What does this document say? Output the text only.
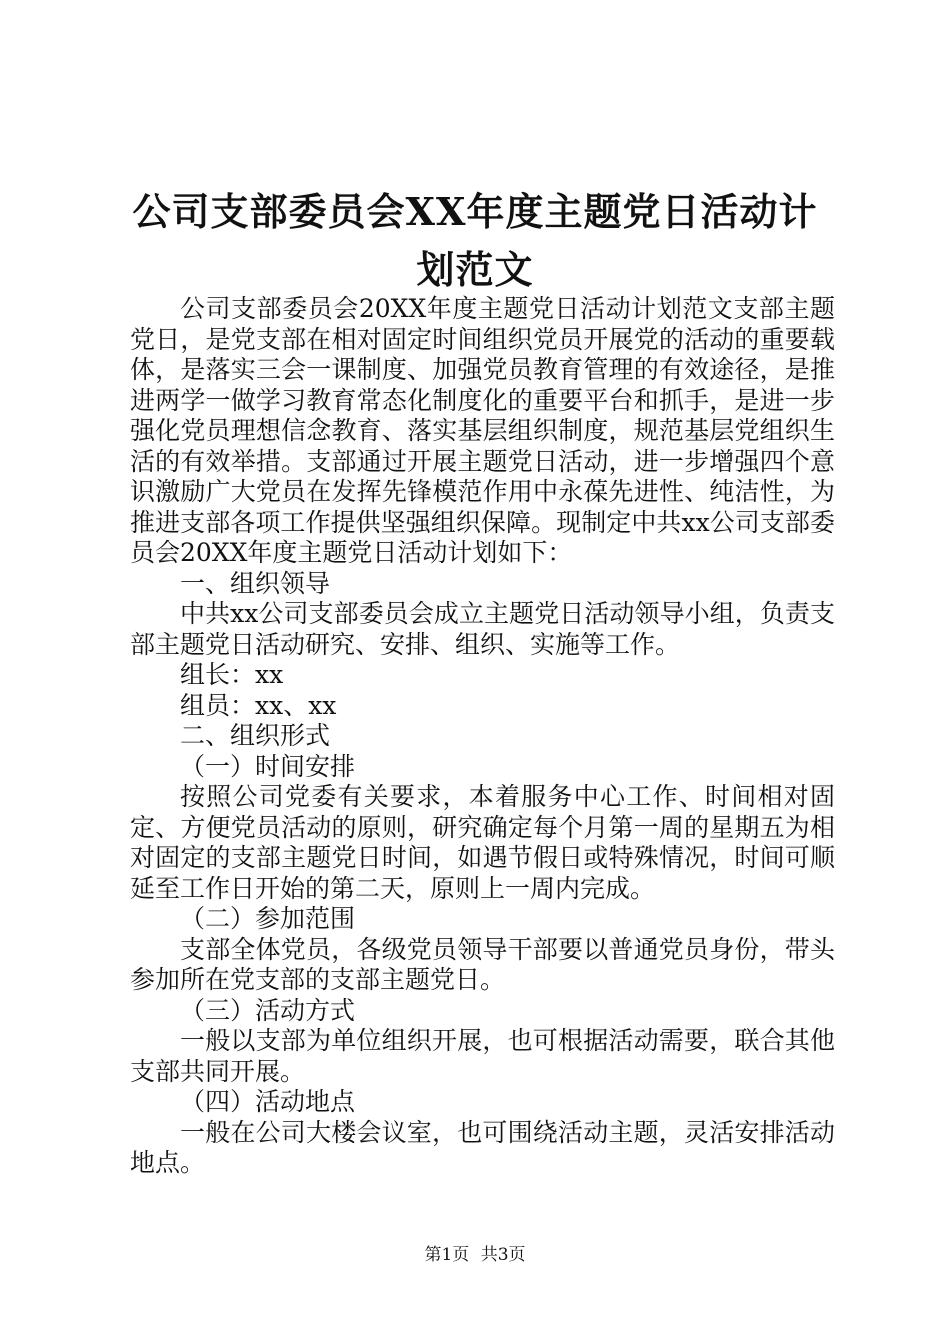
公司支部委员会XX年度主题党日活动计划范文

公司支部委员会20XX年度主题党日活动计划范文支部主题党日，是党支部在相对固定时间组织党员开展党的活动的重要载体，是落实三会一课制度、加强党员教育管理的有效途径，是推进两学一做学习教育常态化制度化的重要平台和抓手，是进一步强化党员理想信念教育、落实基层组织制度，规范基层党组织生活的有效举措。支部通过开展主题党日活动，进一步增强四个意识激励广大党员在发挥先锋模范作用中永葆先进性、纯洁性，为推进支部各项工作提供坚强组织保障。现制定中共xx公司支部委员会20XX年度主题党日活动计划如下：

一、组织领导

中共xx公司支部委员会成立主题党日活动领导小组，负责支部主题党日活动研究、安排、组织、实施等工作。

组长：xx

组员：xx、xx

二、组织形式

（一）时间安排

按照公司党委有关要求，本着服务中心工作、时间相对固定、方便党员活动的原则，研究确定每个月第一周的星期五为相对固定的支部主题党日时间，如遇节假日或特殊情况，时间可顺延至工作日开始的第二天，原则上一周内完成。

（二）参加范围

支部全体党员，各级党员领导干部要以普通党员身份，带头参加所在党支部的支部主题党日。

（三）活动方式

一般以支部为单位组织开展，也可根据活动需要，联合其他支部共同开展。

（四）活动地点

一般在公司大楼会议室，也可围绕活动主题，灵活安排活动地点。

第1页 共3页
